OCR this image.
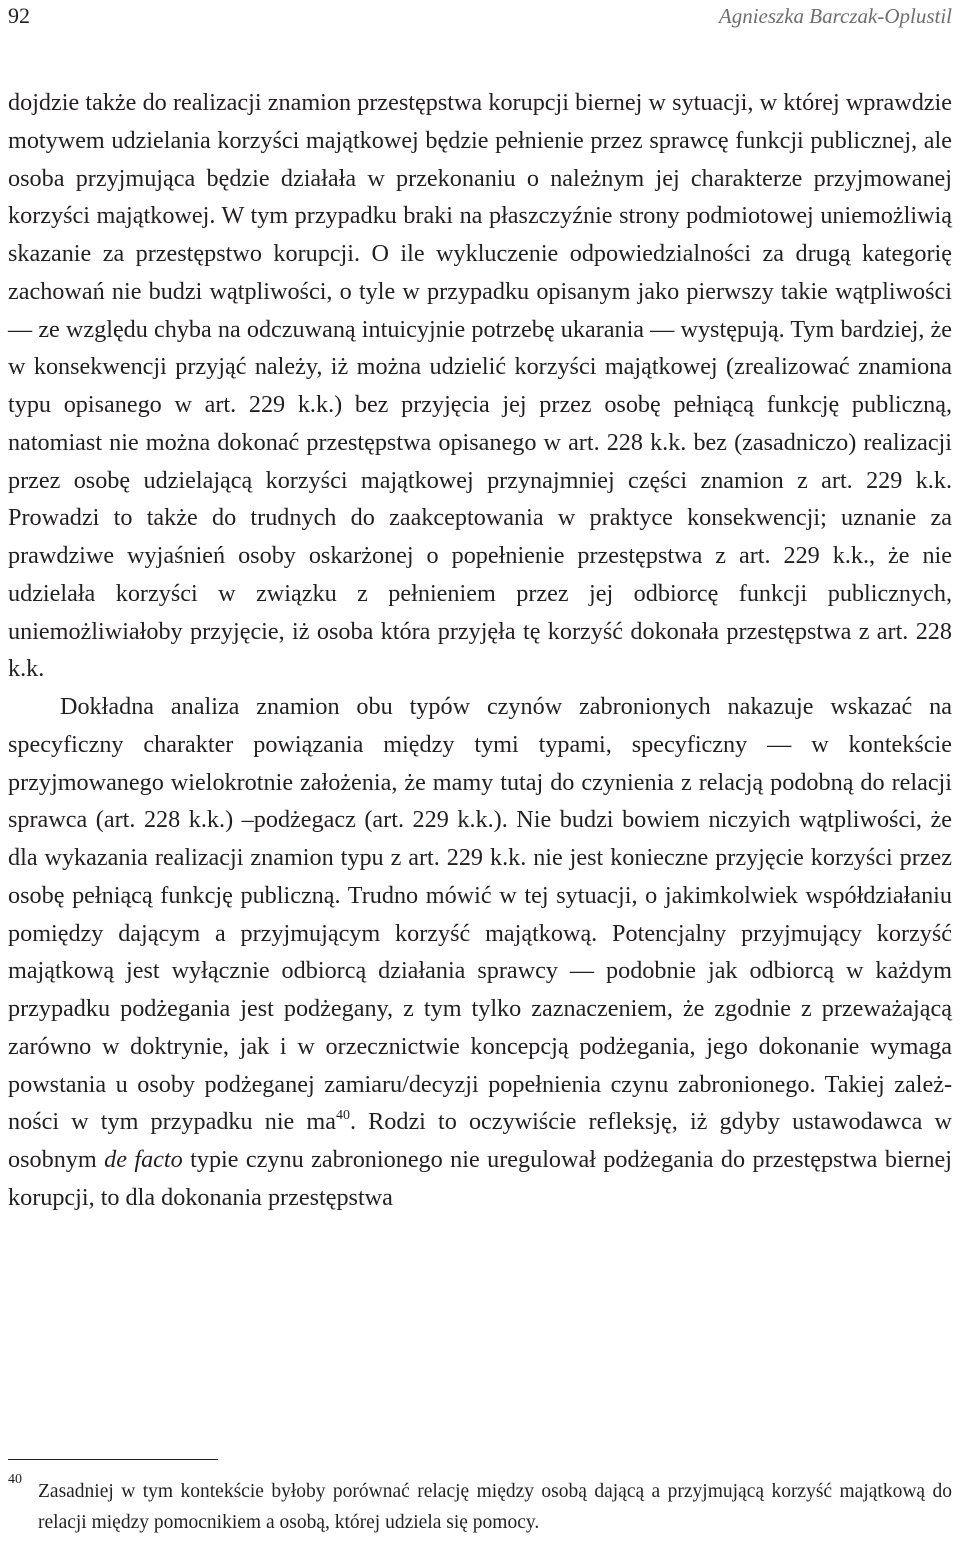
92	Agnieszka Barczak-Oplustil

dojdzie także do realizacji znamion przestępstwa korupcji biernej w sytuacji, w której wprawdzie motywem udzielania korzyści majątkowej będzie pełnienie przez sprawcę funkcji publicznej, ale osoba przyjmująca będzie działała w przekonaniu o należnym jej charakterze przyjmowanej korzyści majątkowej. W tym przypadku braki na płaszczyźnie strony podmiotowej uniemożliwią skazanie za przestępstwo korupcji. O ile wykluczenie odpowiedzialności za drugą kategorię zachowań nie budzi wątpliwości, o tyle w przypadku opisanym jako pierwszy takie wątpliwości — ze względu chyba na odczuwaną intuicyjnie potrzebę ukarania — występują. Tym bardziej, że w konsekwencji przyjąć należy, iż można udzielić korzyści majątkowej (zrealizować znamiona typu opisanego w art. 229 k.k.) bez przyjęcia jej przez osobę pełniącą funkcję publiczną, natomiast nie można dokonać przestępstwa opisanego w art. 228 k.k. bez (zasadniczo) realizacji przez osobę udzielającą korzyści majątkowej przynajmniej części znamion z art. 229 k.k. Prowadzi to także do trudnych do zaakceptowania w praktyce konsekwencji; uznanie za prawdziwe wyjaśnień osoby oskarżonej o popełnienie przestępstwa z art. 229 k.k., że nie udzielała korzyści w związku z pełnieniem przez jej odbiorcę funkcji publicznych, uniemożliwiałoby przyjęcie, iż osoba która przyjęła tę korzyść dokonała przestępstwa z art. 228 k.k.

Dokładna analiza znamion obu typów czynów zabronionych nakazuje wskazać na specyficzny charakter powiązania między tymi typami, specyficzny — w kontekście przyjmowanego wielokrotnie założenia, że mamy tutaj do czynienia z relacją podobną do relacji sprawca (art. 228 k.k.) –podżegacz (art. 229 k.k.). Nie budzi bowiem niczyich wątpliwości, że dla wykazania realizacji znamion typu z art. 229 k.k. nie jest konieczne przyjęcie korzyści przez osobę pełniącą funkcję publiczną. Trudno mówić w tej sytuacji, o jakimkolwiek współdziałaniu pomiędzy dającym a przyjmującym korzyść majątkową. Potencjalny przyjmujący korzyść majątkową jest wyłącznie odbiorcą działania sprawcy — podobnie jak odbiorcą w każdym przypadku podżegania jest podżegany, z tym tylko zaznaczeniem, że zgodnie z przeważającą zarówno w doktrynie, jak i w orzecznictwie koncepcją podżegania, jego dokonanie wymaga powstania u osoby podżeganej zamiaru/decyzji popełnienia czynu zabronionego. Takiej zależności w tym przypadku nie $ma^{40}$. Rodzi to oczywiście refleksję, iż gdyby ustawodawca w osobnym de facto typie czynu zabronionego nie uregulował podżegania do przestępstwa biernej korupcji, to dla dokonania przestępstwa

40
Zasadniej w tym kontekście byłoby porównać relację między osobą dającą a przyjmującą korzyść majątkową do relacji między pomocnikiem a osobą, której udziela się pomocy.
